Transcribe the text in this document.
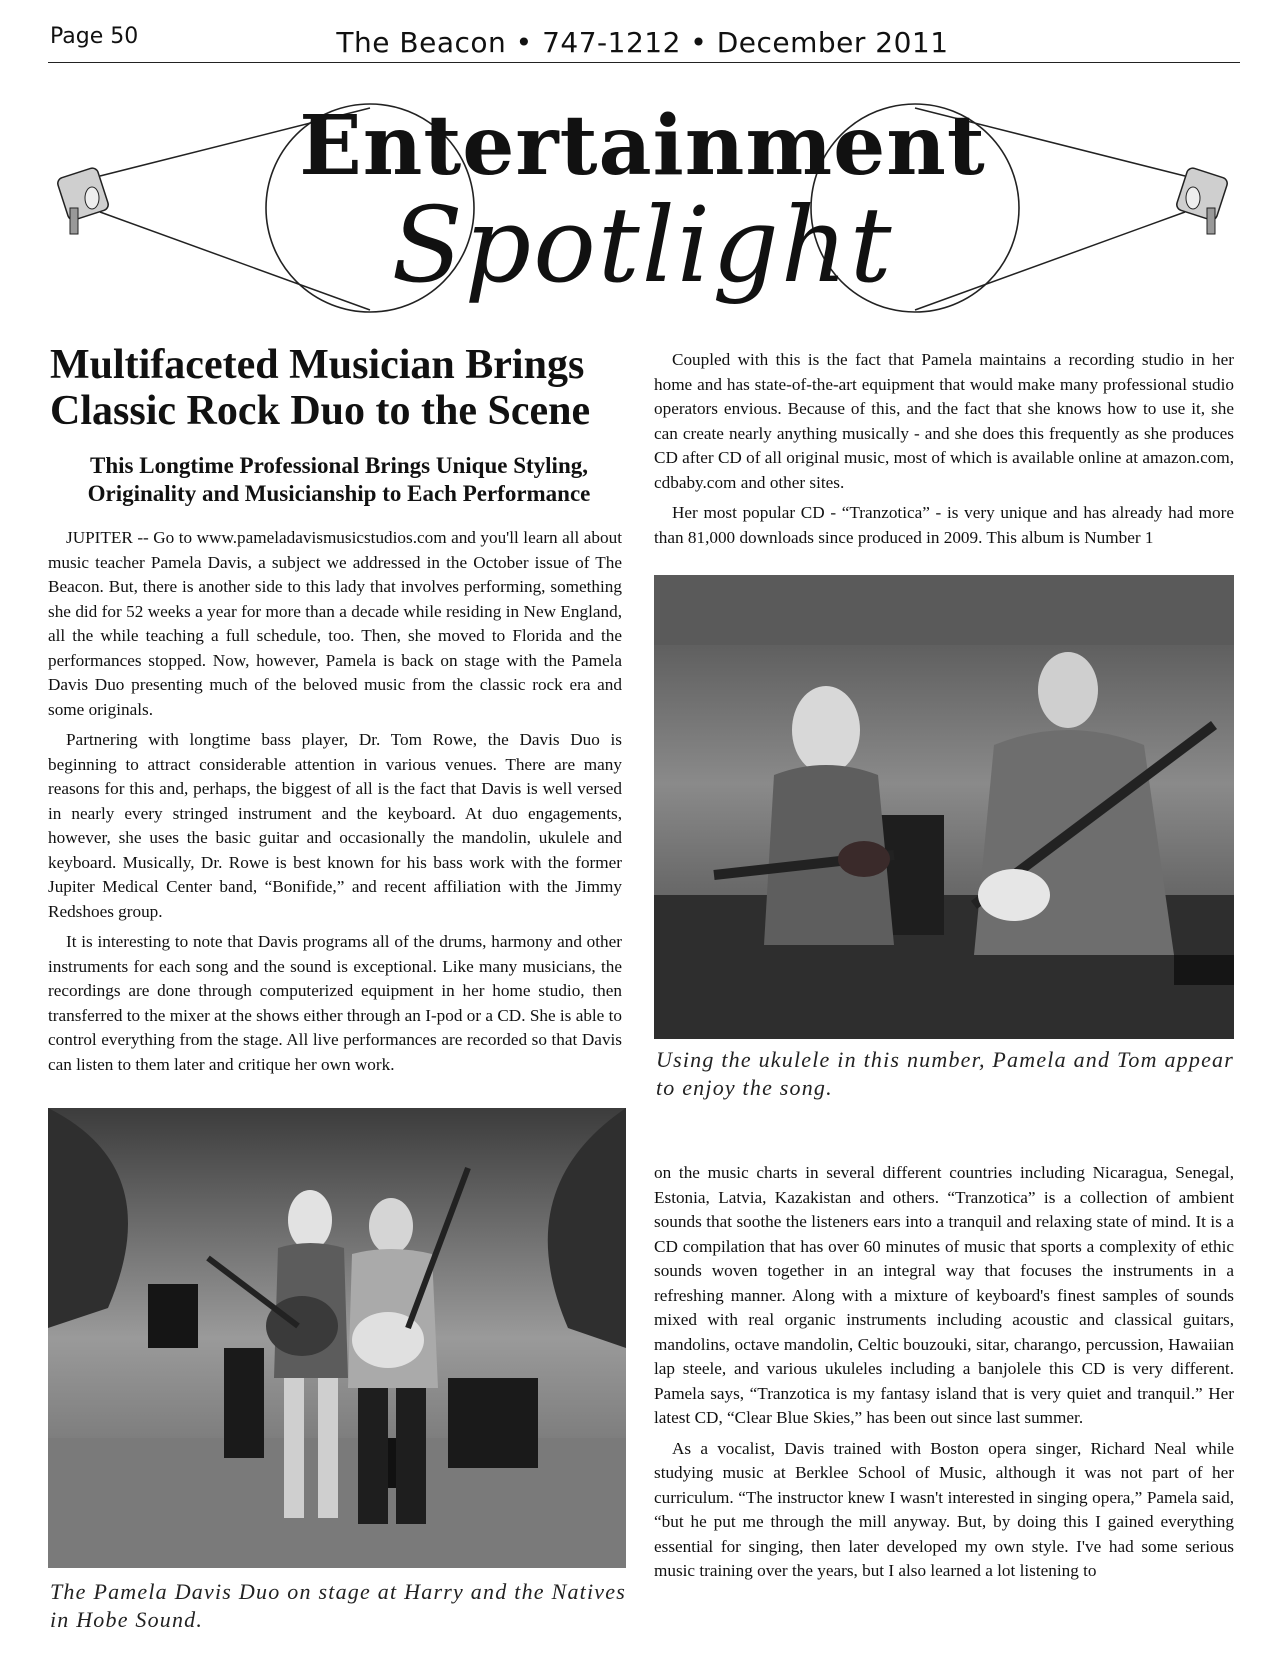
Page 50	The Beacon • 747-1212 • December 2011
Entertainment
Spotlight
Multifaceted Musician Brings Classic Rock Duo to the Scene
This Longtime Professional Brings Unique Styling, Originality and Musicianship to Each Performance

JUPITER -- Go to www.pameladavismusicstudios.com and you'll learn all about music teacher Pamela Davis, a subject we addressed in the October issue of The Beacon. But, there is another side to this lady that involves performing, something she did for 52 weeks a year for more than a decade while residing in New England, all the while teaching a full schedule, too. Then, she moved to Florida and the performances stopped. Now, however, Pamela is back on stage with the Pamela Davis Duo presenting much of the beloved music from the classic rock era and some originals.

Partnering with longtime bass player, Dr. Tom Rowe, the Davis Duo is beginning to attract considerable attention in various venues. There are many reasons for this and, perhaps, the biggest of all is the fact that Davis is well versed in nearly every stringed instrument and the keyboard. At duo engagements, however, she uses the basic guitar and occasionally the mandolin, ukulele and keyboard. Musically, Dr. Rowe is best known for his bass work with the former Jupiter Medical Center band, “Bonifide,” and recent affiliation with the Jimmy Redshoes group.

It is interesting to note that Davis programs all of the drums, harmony and other instruments for each song and the sound is exceptional. Like many musicians, the recordings are done through computerized equipment in her home studio, then transferred to the mixer at the shows either through an I-pod or a CD. She is able to control everything from the stage. All live performances are recorded so that Davis can listen to them later and critique her own work.

Coupled with this is the fact that Pamela maintains a recording studio in her home and has state-of-the-art equipment that would make many professional studio operators envious. Because of this, and the fact that she knows how to use it, she can create nearly anything musically - and she does this frequently as she produces CD after CD of all original music, most of which is available online at amazon.com, cdbaby.com and other sites.

Her most popular CD - “Tranzotica” - is very unique and has already had more than 81,000 downloads since produced in 2009. This album is Number 1

Using the ukulele in this number, Pamela and Tom appear to enjoy the song.
The Pamela Davis Duo on stage at Harry and the Natives in Hobe Sound.

on the music charts in several different countries including Nicaragua, Senegal, Estonia, Latvia, Kazakistan and others. “Tranzotica” is a collection of ambient sounds that soothe the listeners ears into a tranquil and relaxing state of mind. It is a CD compilation that has over 60 minutes of music that sports a complexity of ethic sounds woven together in an integral way that focuses the instruments in a refreshing manner. Along with a mixture of keyboard's finest samples of sounds mixed with real organic instruments including acoustic and classical guitars, mandolins, octave mandolin, Celtic bouzouki, sitar, charango, percussion, Hawaiian lap steele, and various ukuleles including a banjolele this CD is very different. Pamela says, “Tranzotica is my fantasy island that is very quiet and tranquil.” Her latest CD, “Clear Blue Skies,” has been out since last summer.

As a vocalist, Davis trained with Boston opera singer, Richard Neal while studying music at Berklee School of Music, although it was not part of her curriculum. “The instructor knew I wasn't interested in singing opera,” Pamela said, “but he put me through the mill anyway. But, by doing this I gained everything essential for singing, then later developed my own style. I've had some serious music training over the years, but I also learned a lot listening to
